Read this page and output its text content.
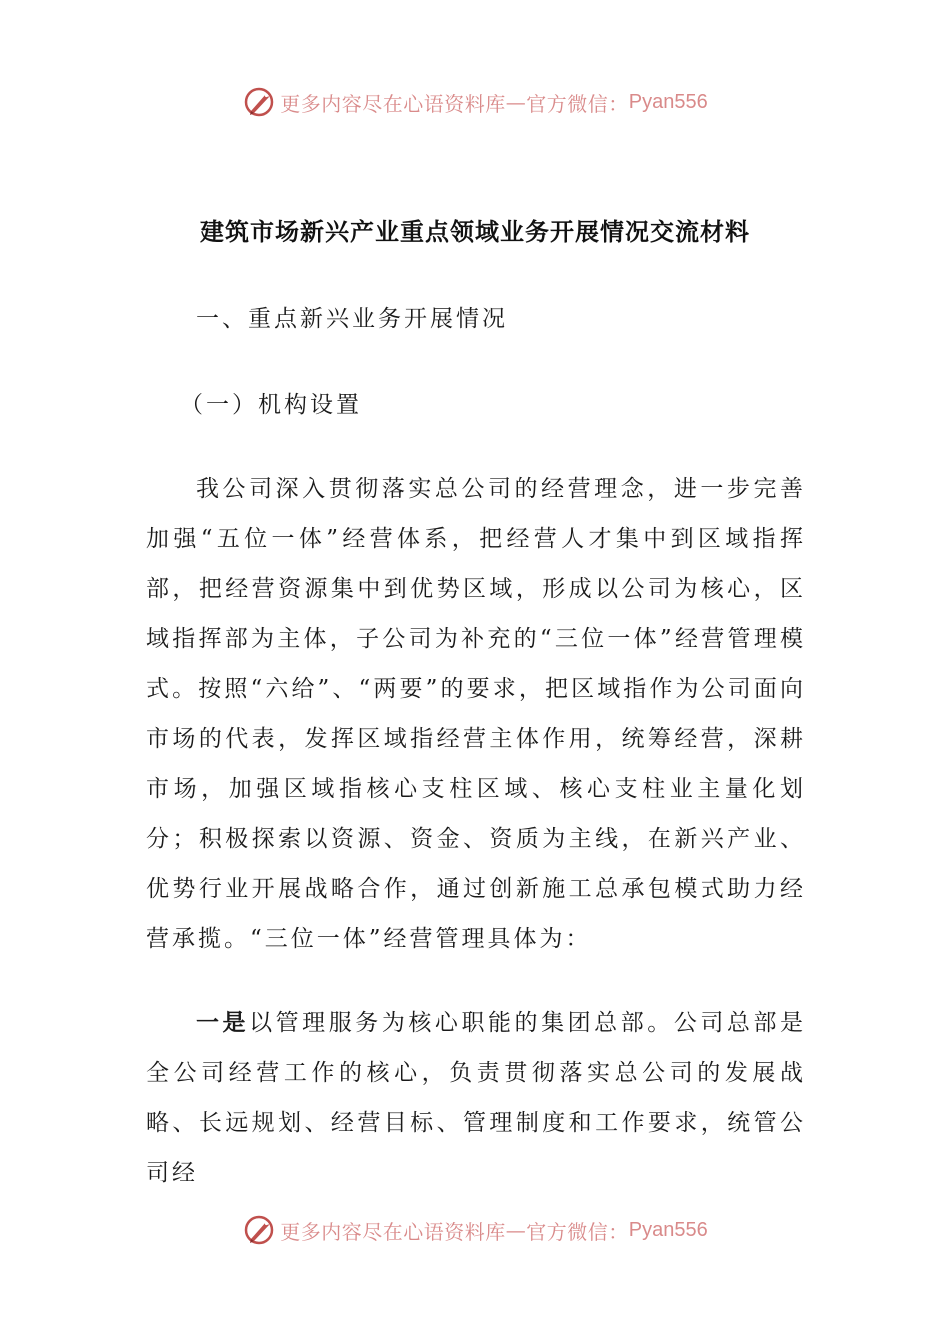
更多内容尽在心语资料库 — 官方微信： Pyan556
建筑市场新兴产业重点领域业务开展情况交流材料
一、重点新兴业务开展情况
（一）机构设置
我公司深入贯彻落实总公司的经营理念，进一步完善加强“五位一体”经营体系，把经营人才集中到区域指挥部，把经营资源集中到优势区域，形成以公司为核心，区域指挥部为主体，子公司为补充的“三位一体”经营管理模式。按照“六给”、“两要”的要求，把区域指作为公司面向市场的代表，发挥区域指经营主体作用，统筹经营，深耕市场，加强区域指核心支柱区域、核心支柱业主量化划分；积极探索以资源、资金、资质为主线，在新兴产业、优势行业开展战略合作，通过创新施工总承包模式助力经营承揽。“三位一体”经营管理具体为：
一是以管理服务为核心职能的集团总部。公司总部是全公司经营工作的核心，负责贯彻落实总公司的发展战略、长远规划、经营目标、管理制度和工作要求，统管公司经
更多内容尽在心语资料库 — 官方微信： Pyan556
